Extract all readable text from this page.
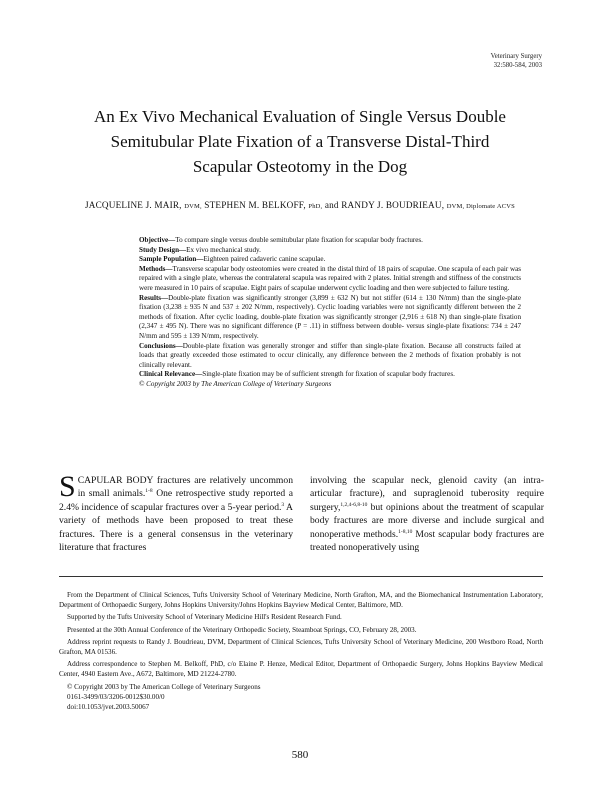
Veterinary Surgery
32:580-584, 2003
An Ex Vivo Mechanical Evaluation of Single Versus Double
Semitubular Plate Fixation of a Transverse Distal-Third
Scapular Osteotomy in the Dog
JACQUELINE J. MAIR, DVM, STEPHEN M. BELKOFF, PhD, and RANDY J. BOUDRIEAU, DVM, Diplomate ACVS

Objective—To compare single versus double semitubular plate fixation for scapular body fractures.

Study Design—Ex vivo mechanical study.

Sample Population—Eighteen paired cadaveric canine scapulae.

Methods—Transverse scapular body osteotomies were created in the distal third of 18 pairs of scapulae. One scapula of each pair was repaired with a single plate, whereas the contralateral scapula was repaired with 2 plates. Initial strength and stiffness of the constructs were measured in 10 pairs of scapulae. Eight pairs of scapulae underwent cyclic loading and then were subjected to failure testing.

Results—Double-plate fixation was significantly stronger (3,899 ± 632 N) but not stiffer (614 ± 130 N/mm) than the single-plate fixation (3,238 ± 935 N and 537 ± 202 N/mm, respectively). Cyclic loading variables were not significantly different between the 2 methods of fixation. After cyclic loading, double-plate fixation was significantly stronger (2,916 ± 618 N) than single-plate fixation (2,347 ± 495 N). There was no significant difference (P = .11) in stiffness between double- versus single-plate fixations: 734 ± 247 N/mm and 595 ± 139 N/mm, respectively.

Conclusions—Double-plate fixation was generally stronger and stiffer than single-plate fixation. Because all constructs failed at loads that greatly exceeded those estimated to occur clinically, any difference between the 2 methods of fixation probably is not clinically relevant.

Clinical Relevance—Single-plate fixation may be of sufficient strength for fixation of scapular body fractures.

© Copyright 2003 by The American College of Veterinary Surgeons

SCAPULAR BODY fractures are relatively uncommon in small animals.$^{1-8}$ One retrospective study reported a 2.4% incidence of scapular fractures over a 5-year period.$^3$ A variety of methods have been proposed to treat these fractures. There is a general consensus in the veterinary literature that fractures
involving the scapular neck, glenoid cavity (an intra-articular fracture), and supraglenoid tuberosity require surgery,$^{1,2,4-6,8-10}$ but opinions about the treatment of scapular body fractures are more diverse and include surgical and nonoperative methods.$^{1-8,10}$ Most scapular body fractures are treated nonoperatively using

From the Department of Clinical Sciences, Tufts University School of Veterinary Medicine, North Grafton, MA, and the Biomechanical Instrumentation Laboratory, Department of Orthopaedic Surgery, Johns Hopkins University/Johns Hopkins Bayview Medical Center, Baltimore, MD.

Supported by the Tufts University School of Veterinary Medicine Hill's Resident Research Fund.

Presented at the 30th Annual Conference of the Veterinary Orthopedic Society, Steamboat Springs, CO, February 28, 2003.

Address reprint requests to Randy J. Boudrieau, DVM, Department of Clinical Sciences, Tufts University School of Veterinary Medicine, 200 Westboro Road, North Grafton, MA 01536.

Address correspondence to Stephen M. Belkoff, PhD, c/o Elaine P. Henze, Medical Editor, Department of Orthopaedic Surgery, Johns Hopkins Bayview Medical Center, 4940 Eastern Ave., A672, Baltimore, MD 21224-2780.

© Copyright 2003 by The American College of Veterinary Surgeons

0161-3499/03/3206-0012$30.00/0

doi:10.1053/jvet.2003.50067

580
